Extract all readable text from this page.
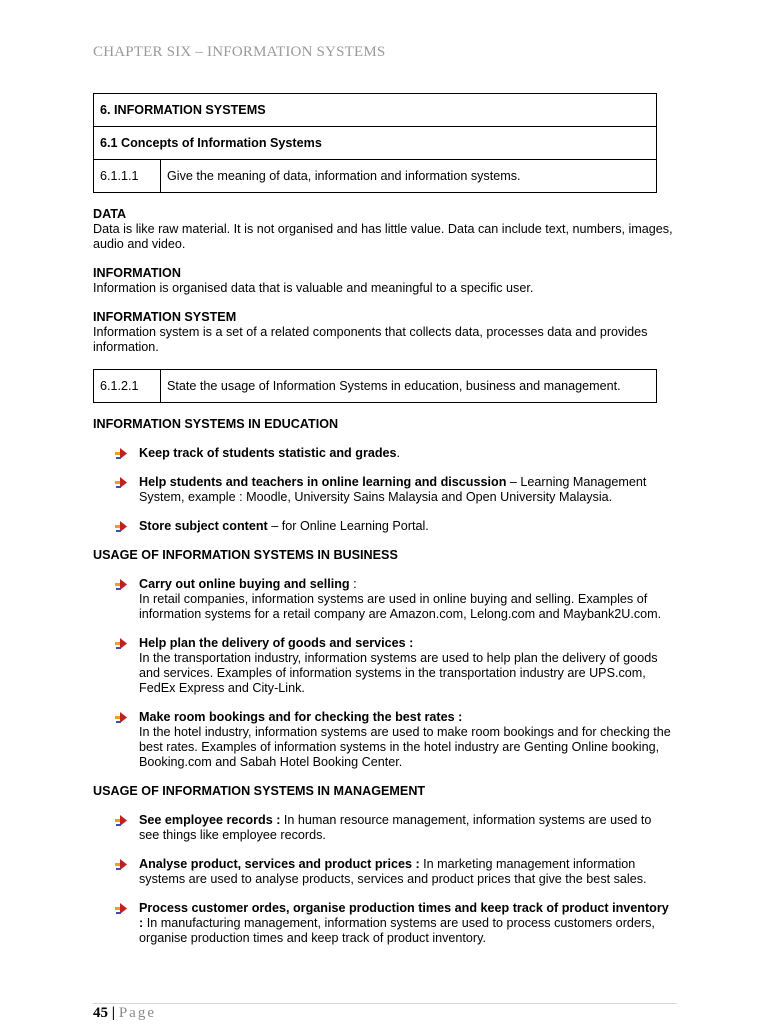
CHAPTER SIX – INFORMATION SYSTEMS
6. INFORMATION SYSTEMS
6.1 Concepts of Information Systems
6.1.1.1	Give the meaning of data, information and information systems.

DATA

Data is like raw material. It is not organised and has little value. Data can include text, numbers, images, audio and video.

INFORMATION

Information is organised data that is valuable and meaningful to a specific user.

INFORMATION SYSTEM

Information system is a set of a related components that collects data, processes data and provides information.

6.1.2.1	State the usage of Information Systems in education, business and management.

INFORMATION SYSTEMS IN EDUCATION

Keep track of students statistic and grades.
Help students and teachers in online learning and discussion – Learning Management System, example : Moodle, University Sains Malaysia and Open University Malaysia.
Store subject content – for Online Learning Portal.

USAGE OF INFORMATION SYSTEMS IN BUSINESS

Carry out online buying and selling :
In retail companies, information systems are used in online buying and selling. Examples of information systems for a retail company are Amazon.com, Lelong.com and Maybank2U.com.
Help plan the delivery of goods and services :
In the transportation industry, information systems are used to help plan the delivery of goods and services. Examples of information systems in the transportation industry are UPS.com, FedEx Express and City-Link.
Make room bookings and for checking the best rates :
In the hotel industry, information systems are used to make room bookings and for checking the best rates. Examples of information systems in the hotel industry are Genting Online booking, Booking.com and Sabah Hotel Booking Center.

USAGE OF INFORMATION SYSTEMS IN MANAGEMENT

See employee records : In human resource management, information systems are used to see things like employee records.
Analyse product, services and product prices : In marketing management information systems are used to analyse products, services and product prices that give the best sales.
Process customer ordes, organise production times and keep track of product inventory : In manufacturing management, information systems are used to process customers orders, organise production times and keep track of product inventory.
45 | Page
